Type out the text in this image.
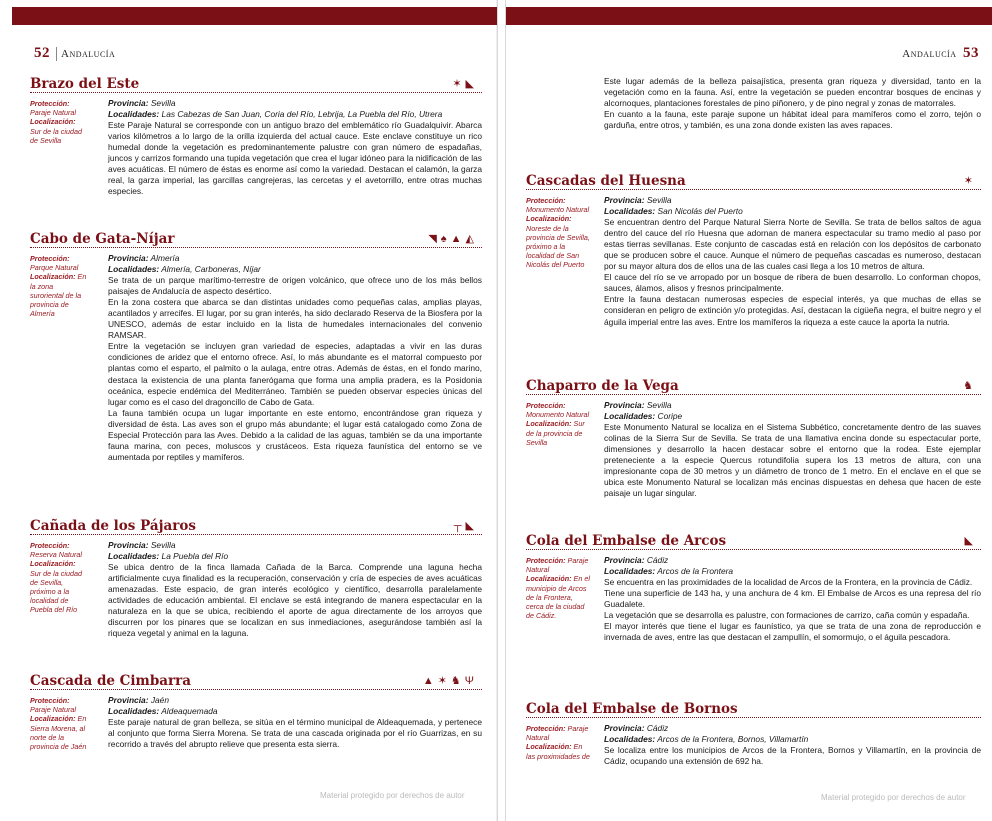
52 Andalucía
Brazo del Este	✶◣
Protección: Paraje Natural
Localización: Sur de la ciudad de Sevilla
Provincia: Sevilla
Localidades: Las Cabezas de San Juan, Coria del Río, Lebrija, La Puebla del Río, Utrera

Este Paraje Natural se corresponde con un antiguo brazo del emblemático río Guadalquivir. Abarca varios kilómetros a lo largo de la orilla izquierda del actual cauce. Este enclave constituye un rico humedal donde la vegetación es predominantemente palustre con gran número de espadañas, juncos y carrizos formando una tupida vegetación que crea el lugar idóneo para la nidificación de las aves acuáticas. El número de éstas es enorme así como la variedad. Destacan el calamón, la garza real, la garza imperial, las garcillas cangrejeras, las cercetas y el avetorrillo, entre otras muchas especies.

Cabo de Gata-Níjar	◥♠▲◭
Protección: Parque Natural
Localización: En la zona suroriental de la provincia de Almería
Provincia: Almería
Localidades: Almería, Carboneras, Níjar

Se trata de un parque marítimo-terrestre de origen volcánico, que ofrece uno de los más bellos paisajes de Andalucía de aspecto desértico.
En la zona costera que abarca se dan distintas unidades como pequeñas calas, amplias playas, acantilados y arrecifes. El lugar, por su gran interés, ha sido declarado Reserva de la Biosfera por la UNESCO, además de estar incluido en la lista de humedales internacionales del convenio RAMSAR.
Entre la vegetación se incluyen gran variedad de especies, adaptadas a vivir en las duras condiciones de aridez que el entorno ofrece. Así, lo más abundante es el matorral compuesto por plantas como el esparto, el palmito o la aulaga, entre otras. Además de éstas, en el fondo marino, destaca la existencia de una planta fanerógama que forma una amplia pradera, es la Posidonia oceánica, especie endémica del Mediterráneo. También se pueden observar especies únicas del lugar como es el caso del dragoncillo de Cabo de Gata.
La fauna también ocupa un lugar importante en este entorno, encontrándose gran riqueza y diversidad de ésta. Las aves son el grupo más abundante; el lugar está catalogado como Zona de Especial Protección para las Aves. Debido a la calidad de las aguas, también se da una importante fauna marina, con peces, moluscos y crustáceos. Esta riqueza faunística del entorno se ve aumentada por reptiles y mamíferos.

Cañada de los Pájaros	┬◣
Protección: Reserva Natural
Localización: Sur de la ciudad de Sevilla, próximo a la localidad de Puebla del Río
Provincia: Sevilla
Localidades: La Puebla del Río

Se ubica dentro de la finca llamada Cañada de la Barca. Comprende una laguna hecha artificialmente cuya finalidad es la recuperación, conservación y cría de especies de aves acuáticas amenazadas. Este espacio, de gran interés ecológico y científico, desarrolla paralelamente actividades de educación ambiental. El enclave se está integrando de manera espectacular en la naturaleza en la que se ubica, recibiendo el aporte de agua directamente de los arroyos que discurren por los pinares que se localizan en sus inmediaciones, asegurándose también así la riqueza vegetal y animal en la laguna.

Cascada de Cimbarra	▲✶♞Ψ
Protección: Paraje Natural
Localización: En Sierra Morena, al norte de la provincia de Jaén
Provincia: Jaén
Localidades: Aldeaquemada

Este paraje natural de gran belleza, se sitúa en el término municipal de Aldeaquemada, y pertenece al conjunto que forma Sierra Morena. Se trata de una cascada originada por el río Guarrizas, en su recorrido a través del abrupto relieve que presenta esta sierra.

Material protegido por derechos de autor
Andalucía 53

Este lugar además de la belleza paisajística, presenta gran riqueza y diversidad, tanto en la vegetación como en la fauna. Así, entre la vegetación se pueden encontrar bosques de encinas y alcornoques, plantaciones forestales de pino piñonero, y de pino negral y zonas de matorrales.
En cuanto a la fauna, este paraje supone un hábitat ideal para mamíferos como el zorro, tejón o garduña, entre otros, y también, es una zona donde existen las aves rapaces.

Cascadas del Huesna	✶
Protección: Monumento Natural
Localización: Noreste de la provincia de Sevilla, próximo a la localidad de San Nicolás del Puerto
Provincia: Sevilla
Localidades: San Nicolás del Puerto

Se encuentran dentro del Parque Natural Sierra Norte de Sevilla. Se trata de bellos saltos de agua dentro del cauce del río Huesna que adornan de manera espectacular su tramo medio al paso por estas tierras sevillanas. Este conjunto de cascadas está en relación con los depósitos de carbonato que se producen sobre el cauce. Aunque el número de pequeñas cascadas es numeroso, destacan por su mayor altura dos de ellos una de las cuales casi llega a los 10 metros de altura.
El cauce del río se ve arropado por un bosque de ribera de buen desarrollo. Lo conforman chopos, sauces, álamos, alisos y fresnos principalmente.
Entre la fauna destacan numerosas especies de especial interés, ya que muchas de ellas se consideran en peligro de extinción y/o protegidas. Así, destacan la cigüeña negra, el buitre negro y el águila imperial entre las aves. Entre los mamíferos la riqueza a este cauce la aporta la nutria.

Chaparro de la Vega	♞
Protección: Monumento Natural
Localización: Sur de la provincia de Sevilla
Provincia: Sevilla
Localidades: Coripe

Este Monumento Natural se localiza en el Sistema Subbético, concretamente dentro de las suaves colinas de la Sierra Sur de Sevilla. Se trata de una llamativa encina donde su espectacular porte, dimensiones y desarrollo la hacen destacar sobre el entorno que la rodea. Este ejemplar preteneciente a la especie Quercus rotundifolia supera los 13 metros de altura, con una impresionante copa de 30 metros y un diámetro de tronco de 1 metro. En el enclave en el que se ubica este Monumento Natural se localizan más encinas dispuestas en dehesa que hacen de este paisaje un lugar singular.

Cola del Embalse de Arcos	◣
Protección: Paraje Natural
Localización: En el municipio de Arcos de la Frontera, cerca de la ciudad de Cádiz.
Provincia: Cádiz
Localidades: Arcos de la Frontera

Se encuentra en las proximidades de la localidad de Arcos de la Frontera, en la provincia de Cádiz.
Tiene una superficie de 143 ha, y una anchura de 4 km. El Embalse de Arcos es una represa del río Guadalete.
La vegetación que se desarrolla es palustre, con formaciones de carrizo, caña común y espadaña.
El mayor interés que tiene el lugar es faunístico, ya que se trata de una zona de reproducción e invernada de aves, entre las que destacan el zampullín, el somormujo, o el águila pescadora.

Cola del Embalse de Bornos
Protección: Paraje Natural
Localización: En las proximidades de
Provincia: Cádiz
Localidades: Arcos de la Frontera, Bornos, Villamartín

Se localiza entre los municipios de Arcos de la Frontera, Bornos y Villamartín, en la provincia de Cádiz, ocupando una extensión de 692 ha.

Material protegido por derechos de autor
